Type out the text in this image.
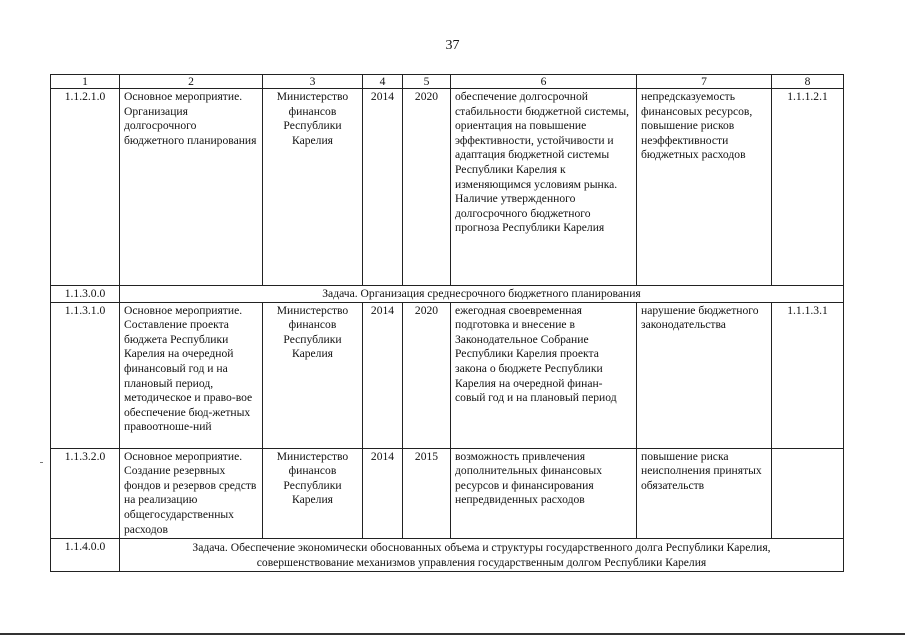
37
1	2	3	4	5	6	7	8
1.1.2.1.0	Основное мероприятие. Организация долгосрочного бюджетного планирования	Министерство финансов Республики Карелия	2014	2020	обеспечение долгосрочной стабильности бюджетной системы, ориентация на повышение эффективности, устойчивости и адаптация бюджетной системы Республики Карелия к изменяющимся условиям рынка. Наличие утвержденного долгосрочного бюджетного прогноза Республики Карелия	непредсказуемость финансовых ресурсов, повышение рисков неэффективности бюджетных расходов	1.1.1.2.1
1.1.3.0.0	Задача. Организация среднесрочного бюджетного планирования						
1.1.3.1.0	Основное мероприятие. Составление проекта бюджета Республики Карелия на очередной финансовый год и на плановый период, методическое и право-вое обеспечение бюд-жетных правоотноше-ний	Министерство финансов Республики Карелия	2014	2020	ежегодная своевременная подготовка и внесение в Законодательное Собрание Республики Карелия проекта закона о бюджете Республики Карелия на очередной финан-совый год и на плановый период	нарушение бюджетного законодательства	1.1.1.3.1
1.1.3.2.0	Основное мероприятие. Создание резервных фондов и резервов средств на реализацию общегосударственных расходов	Министерство финансов Республики Карелия	2014	2015	возможность привлечения дополнительных финансовых ресурсов и финансирования непредвиденных расходов	повышение риска неисполнения принятых обязательств	
1.1.4.0.0	Задача. Обеспечение экономически обоснованных объема и структуры государственного долга Республики Карелия,
совершенствование механизмов управления государственным долгом Республики Карелия						
